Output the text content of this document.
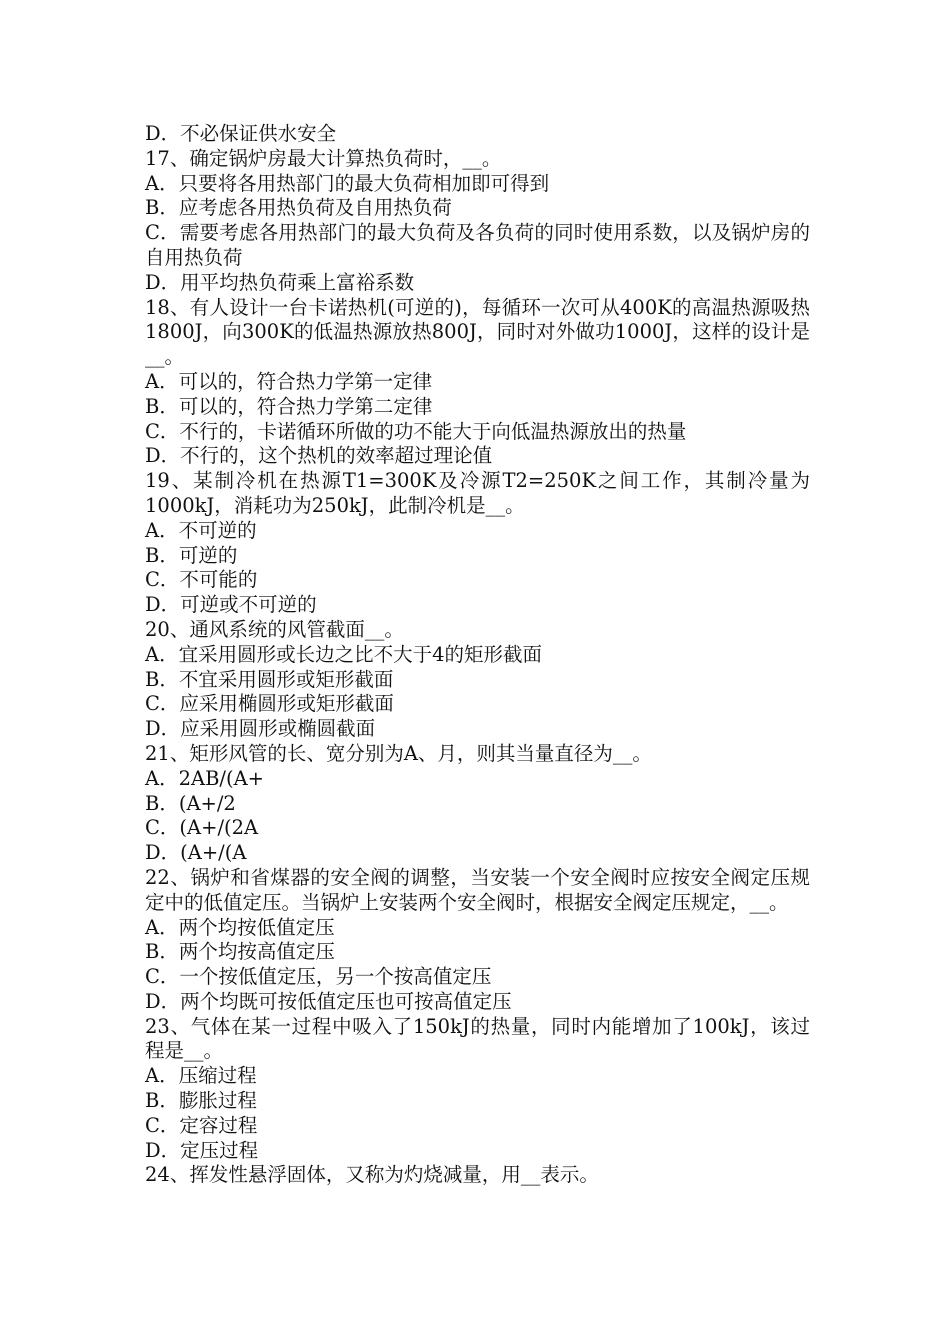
D．不必保证供水安全

17、确定锅炉房最大计算热负荷时，__。

A．只要将各用热部门的最大负荷相加即可得到

B．应考虑各用热负荷及自用热负荷

C．需要考虑各用热部门的最大负荷及各负荷的同时使用系数，以及锅炉房的自用热负荷

D．用平均热负荷乘上富裕系数

18、有人设计一台卡诺热机(可逆的)，每循环一次可从400K的高温热源吸热1800J，向300K的低温热源放热800J，同时对外做功1000J，这样的设计是__。

A．可以的，符合热力学第一定律

B．可以的，符合热力学第二定律

C．不行的，卡诺循环所做的功不能大于向低温热源放出的热量

D．不行的，这个热机的效率超过理论值

19、某制冷机在热源T1=300K及冷源T2=250K之间工作，其制冷量为1000kJ，消耗功为250kJ，此制冷机是__。

A．不可逆的

B．可逆的

C．不可能的

D．可逆或不可逆的

20、通风系统的风管截面__。

A．宜采用圆形或长边之比不大于4的矩形截面

B．不宜采用圆形或矩形截面

C．应采用椭圆形或矩形截面

D．应采用圆形或椭圆截面

21、矩形风管的长、宽分别为A、月，则其当量直径为__。

A．2AB/(A+

B．(A+/2

C．(A+/(2A

D．(A+/(A

22、锅炉和省煤器的安全阀的调整，当安装一个安全阀时应按安全阀定压规定中的低值定压。当锅炉上安装两个安全阀时，根据安全阀定压规定，__。

A．两个均按低值定压

B．两个均按高值定压

C．一个按低值定压，另一个按高值定压

D．两个均既可按低值定压也可按高值定压

23、气体在某一过程中吸入了150kJ的热量，同时内能增加了100kJ，该过程是__。

A．压缩过程

B．膨胀过程

C．定容过程

D．定压过程

24、挥发性悬浮固体，又称为灼烧减量，用__表示。
